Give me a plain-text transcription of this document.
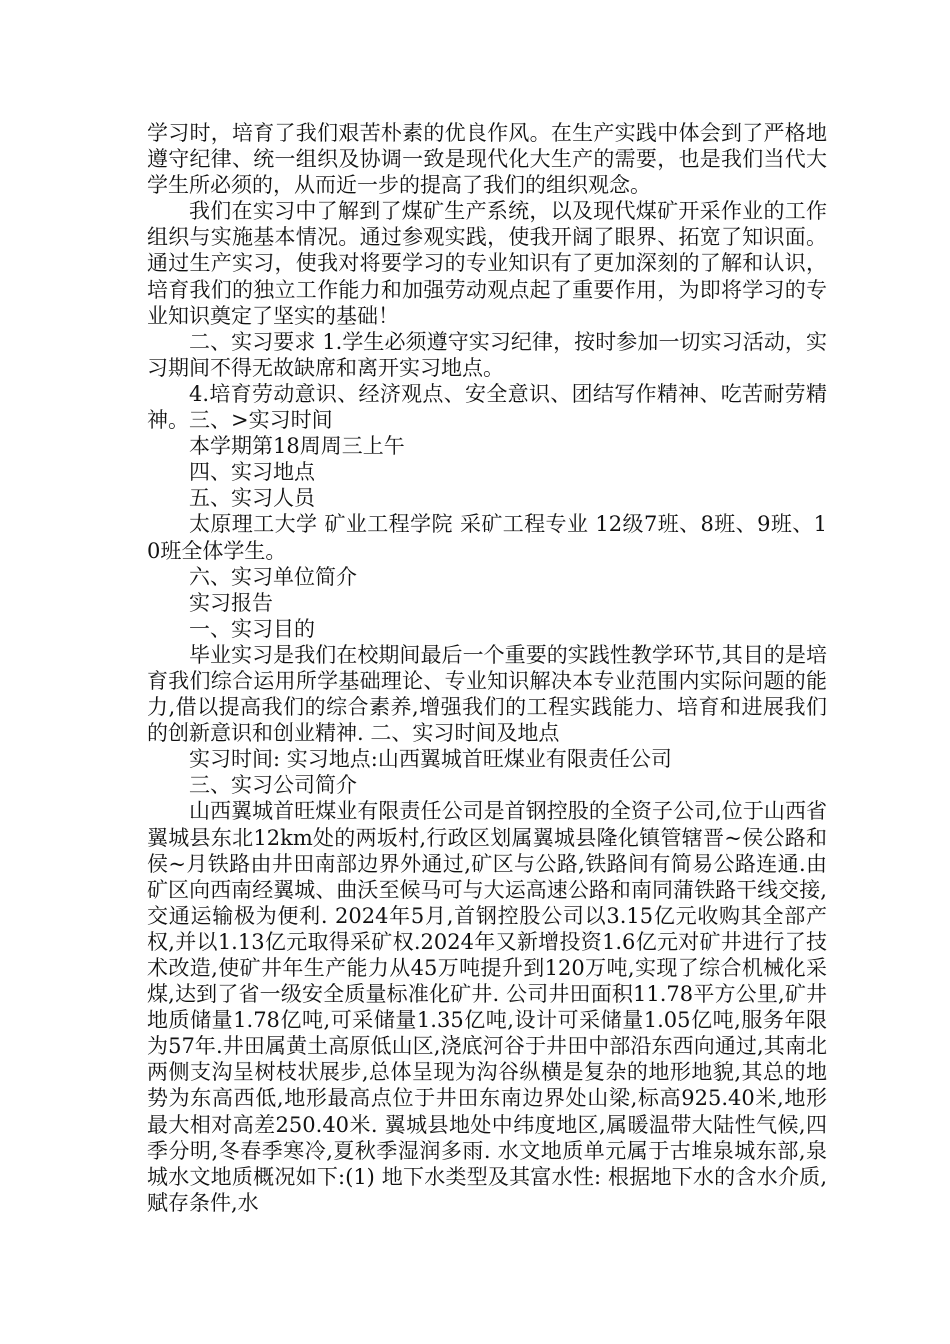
学习时，培育了我们艰苦朴素的优良作风。在生产实践中体会到了严格地遵守纪律、统一组织及协调一致是现代化大生产的需要，也是我们当代大学生所必须的，从而近一步的提高了我们的组织观念。

我们在实习中了解到了煤矿生产系统，以及现代煤矿开采作业的工作组织与实施基本情况。通过参观实践，使我开阔了眼界、拓宽了知识面。通过生产实习，使我对将要学习的专业知识有了更加深刻的了解和认识，培育我们的独立工作能力和加强劳动观点起了重要作用，为即将学习的专业知识奠定了坚实的基础！

二、实习要求 1.学生必须遵守实习纪律，按时参加一切实习活动，实习期间不得无故缺席和离开实习地点。

4.培育劳动意识、经济观点、安全意识、团结写作精神、吃苦耐劳精神。三、>实习时间

本学期第18周周三上午

四、实习地点

五、实习人员

太原理工大学 矿业工程学院 采矿工程专业 12级7班、8班、9班、10班全体学生。

六、实习单位简介

实习报告

一、实习目的

毕业实习是我们在校期间最后一个重要的实践性教学环节,其目的是培育我们综合运用所学基础理论、专业知识解决本专业范围内实际问题的能力,借以提高我们的综合素养,增强我们的工程实践能力、培育和进展我们的创新意识和创业精神. 二、实习时间及地点

实习时间: 实习地点:山西翼城首旺煤业有限责任公司

三、实习公司简介

山西翼城首旺煤业有限责任公司是首钢控股的全资子公司,位于山西省翼城县东北12km处的两坂村,行政区划属翼城县隆化镇管辖晋~侯公路和侯~月铁路由井田南部边界外通过,矿区与公路,铁路间有简易公路连通.由矿区向西南经翼城、曲沃至候马可与大运高速公路和南同蒲铁路干线交接,交通运输极为便利. 2024年5月,首钢控股公司以3.15亿元收购其全部产权,并以1.13亿元取得采矿权.2024年又新增投资1.6亿元对矿井进行了技术改造,使矿井年生产能力从45万吨提升到120万吨,实现了综合机械化采煤,达到了省一级安全质量标准化矿井. 公司井田面积11.78平方公里,矿井地质储量1.78亿吨,可采储量1.35亿吨,设计可采储量1.05亿吨,服务年限为57年.井田属黄土高原低山区,浇底河谷于井田中部沿东西向通过,其南北两侧支沟呈树枝状展步,总体呈现为沟谷纵横是复杂的地形地貌,其总的地势为东高西低,地形最高点位于井田东南边界处山梁,标高925.40米,地形最大相对高差250.40米. 翼城县地处中纬度地区,属暖温带大陆性气候,四季分明,冬春季寒冷,夏秋季湿润多雨. 水文地质单元属于古堆泉城东部,泉城水文地质概况如下:(1) 地下水类型及其富水性: 根据地下水的含水介质,赋存条件,水
